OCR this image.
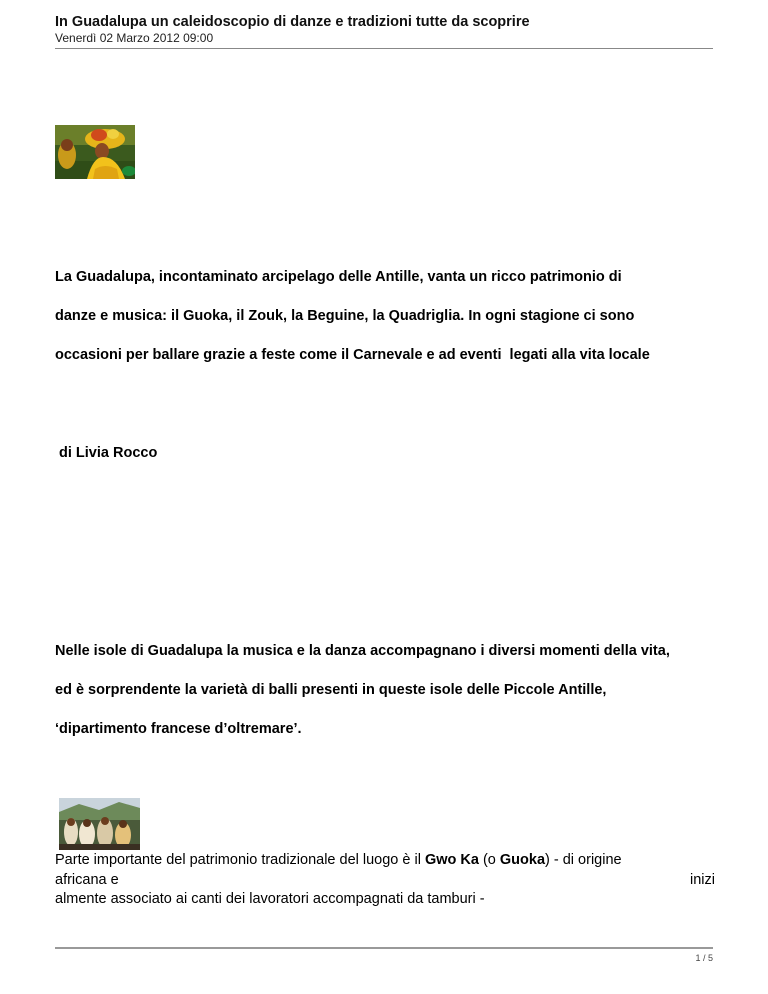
In Guadalupa un caleidoscopio di danze e tradizioni tutte da scoprire
Venerdì 02 Marzo 2012 09:00

La Guadalupa, incontaminato arcipelago delle Antille, vanta un ricco patrimonio di

danze e musica: il Guoka, il Zouk, la Beguine, la Quadriglia. In ogni stagione ci sono

occasioni per ballare grazie a feste come il Carnevale e ad eventi  legati alla vita locale

di Livia Rocco

Nelle isole di Guadalupa la musica e la danza accompagnano i diversi momenti della vita,

ed è sorprendente la varietà di balli presenti in queste isole delle Piccole Antille,

‘dipartimento francese d’oltremare’.

Parte importante del patrimonio tradizionale del luogo è il Gwo Ka (o Guoka) - di origine
africana e	inizi
almente associato ai canti dei lavoratori accompagnati da tamburi -
1 / 5
